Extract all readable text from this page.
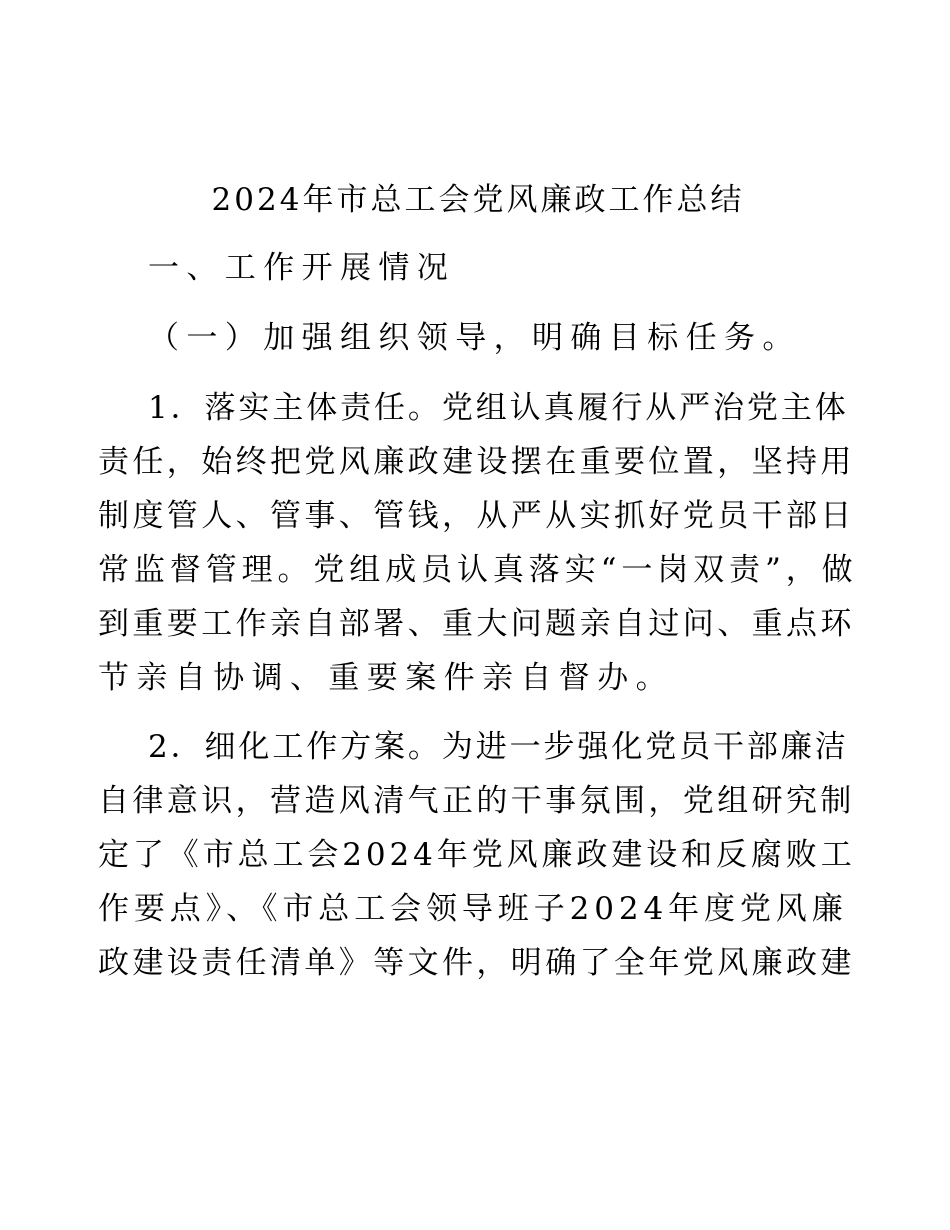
2024年市总工会党风廉政工作总结
一、工作开展情况
（一）加强组织领导，明确目标任务。
1．落实主体责任。党组认真履行从严治党主体
责任，始终把党风廉政建设摆在重要位置，坚持用
制度管人、管事、管钱，从严从实抓好党员干部日
常监督管理。党组成员认真落实“一岗双责”，做
到重要工作亲自部署、重大问题亲自过问、重点环
节亲自协调、重要案件亲自督办。
2．细化工作方案。为进一步强化党员干部廉洁
自律意识，营造风清气正的干事氛围，党组研究制
定了《市总工会2024年党风廉政建设和反腐败工
作要点》、《市总工会领导班子2024年度党风廉
政建设责任清单》等文件，明确了全年党风廉政建
